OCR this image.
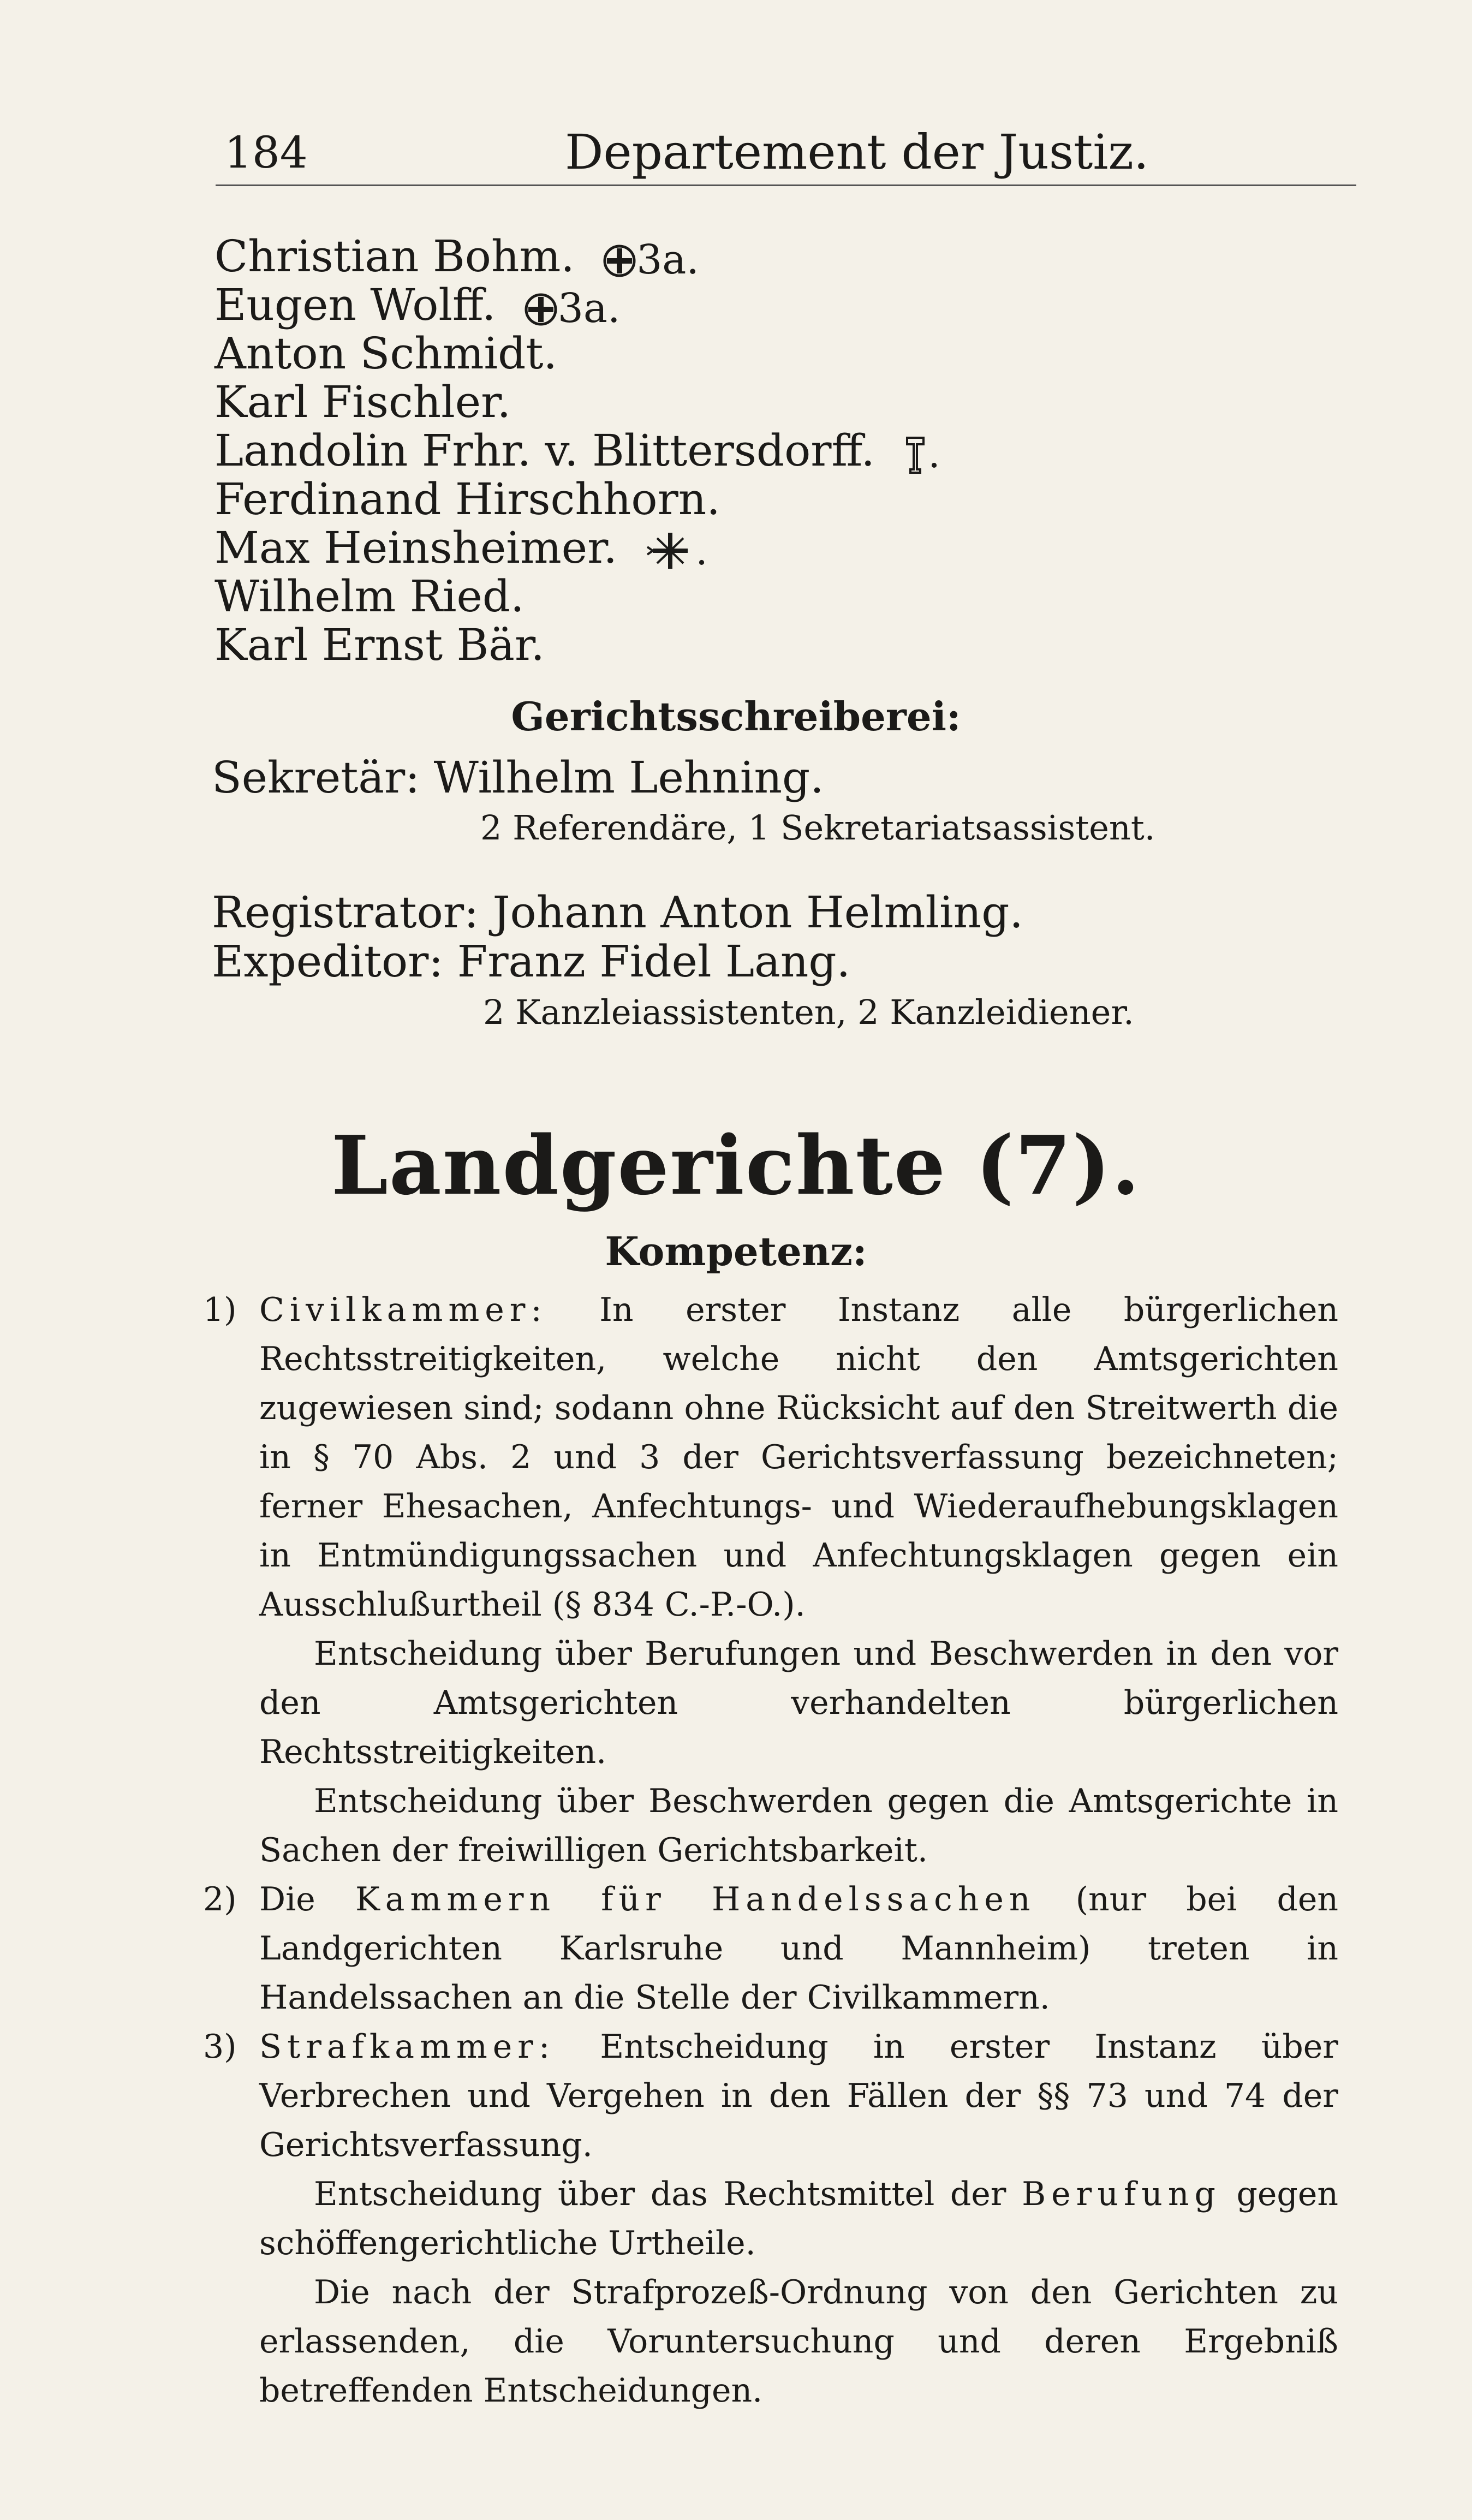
184	Departement der Justiz.
Christian Bohm. 3a.
Eugen Wolff. 3a.
Anton Schmidt.
Karl Fischler.
Landolin Frhr. v. Blittersdorff. .
Ferdinand Hirschhorn.
Max Heinsheimer. .
Wilhelm Ried.
Karl Ernst Bär.
Gerichtsschreiberei:
Sekretär: Wilhelm Lehning.
2 Referendäre, 1 Sekretariatsassistent.
Registrator: Johann Anton Helmling.
Expeditor: Franz Fidel Lang.
2 Kanzleiassistenten, 2 Kanzleidiener.
Landgerichte (7).
Kompetenz:
1) Civilkammer: In erster Instanz alle bürgerlichen Rechtsstreitigkeiten, welche nicht den Amtsgerichten zugewiesen sind; sodann ohne Rücksicht auf den Streitwerth die in § 70 Abs. 2 und 3 der Gerichtsverfassung bezeichneten; ferner Ehesachen, Anfechtungs- und Wiederaufhebungsklagen in Entmündigungssachen und Anfechtungsklagen gegen ein Ausschlußurtheil (§ 834 C.-P.-O.).
Entscheidung über Berufungen und Beschwerden in den vor den Amtsgerichten verhandelten bürgerlichen Rechtsstreitigkeiten.
Entscheidung über Beschwerden gegen die Amtsgerichte in Sachen der freiwilligen Gerichtsbarkeit.
2) Die Kammern für Handelssachen (nur bei den Landgerichten Karlsruhe und Mannheim) treten in Handelssachen an die Stelle der Civilkammern.
3) Strafkammer: Entscheidung in erster Instanz über Verbrechen und Vergehen in den Fällen der §§ 73 und 74 der Gerichtsverfassung.
Entscheidung über das Rechtsmittel der Berufung gegen schöffengerichtliche Urtheile.
Die nach der Strafprozeß-Ordnung von den Gerichten zu erlassenden, die Voruntersuchung und deren Ergebniß betreffenden Entscheidungen.
